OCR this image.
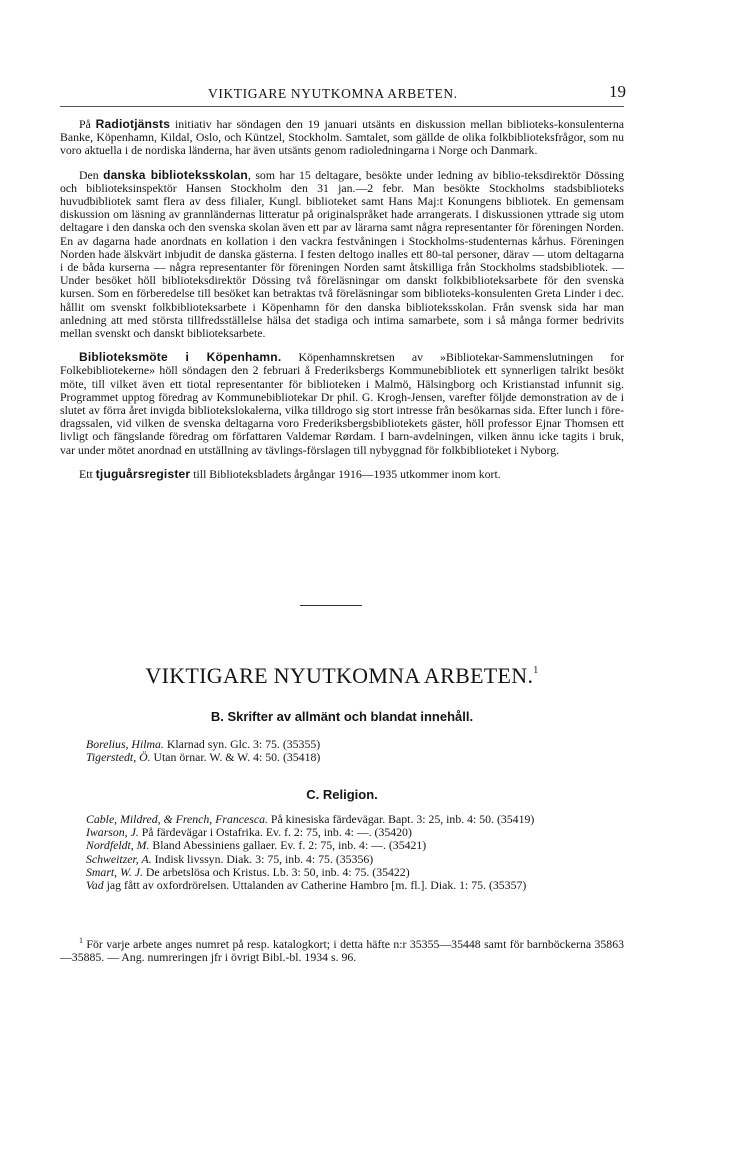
VIKTIGARE NYUTKOMNA ARBETEN.	19

På Radiotjänsts initiativ har söndagen den 19 januari utsänts en diskussion mellan biblioteks-konsulenterna Banke, Köpenhamn, Kildal, Oslo, och Küntzel, Stockholm. Samtalet, som gällde de olika folkbiblioteksfrågor, som nu voro aktuella i de nordiska länderna, har även utsänts genom radioledningarna i Norge och Danmark.

Den danska biblioteksskolan, som har 15 deltagare, besökte under ledning av biblio-teksdirektör Dössing och biblioteksinspektör Hansen Stockholm den 31 jan.—2 febr. Man besökte Stockholms stadsbiblioteks huvudbibliotek samt flera av dess filialer, Kungl. biblioteket samt Hans Maj:t Konungens bibliotek. En gemensam diskussion om läsning av grannländernas litteratur på originalspråket hade arrangerats. I diskussionen yttrade sig utom deltagare i den danska och den svenska skolan även ett par av lärarna samt några representanter för föreningen Norden. En av dagarna hade anordnats en kollation i den vackra festvåningen i Stockholms-studenternas kårhus. Föreningen Norden hade älskvärt inbjudit de danska gästerna. I festen deltogo inalles ett 80-tal personer, därav — utom deltagarna i de båda kurserna — några representanter för föreningen Norden samt åtskilliga från Stockholms stadsbibliotek. — Under besöket höll biblioteksdirektör Dössing två föreläsningar om danskt folkbiblioteksarbete för den svenska kursen. Som en förberedelse till besöket kan betraktas två föreläsningar som biblioteks-konsulenten Greta Linder i dec. hållit om svenskt folkbiblioteksarbete i Köpenhamn för den danska biblioteksskolan. Från svensk sida har man anledning att med största tillfredsställelse hälsa det stadiga och intima samarbete, som i så många former bedrivits mellan svenskt och danskt biblioteksarbete.

Biblioteksmöte i Köpenhamn. Köpenhamnskretsen av »Bibliotekar-Sammenslutningen for Folkebibliotekerne» höll söndagen den 2 februari å Frederiksbergs Kommunebibliotek ett synnerligen talrikt besökt möte, till vilket även ett tiotal representanter för biblioteken i Malmö, Hälsingborg och Kristianstad infunnit sig. Programmet upptog föredrag av Kommunebibliotekar Dr phil. G. Krogh-Jensen, varefter följde demonstration av de i slutet av förra året invigda bibliotekslokalerna, vilka tilldrogo sig stort intresse från besökarnas sida. Efter lunch i före-dragssalen, vid vilken de svenska deltagarna voro Frederiksbergsbibliotekets gäster, höll professor Ejnar Thomsen ett livligt och fängslande föredrag om författaren Valdemar Rørdam. I barn-avdelningen, vilken ännu icke tagits i bruk, var under mötet anordnad en utställning av tävlings-förslagen till nybyggnad för folkbiblioteket i Nyborg.

Ett tjuguårsregister till Biblioteksbladets årgångar 1916—1935 utkommer inom kort.

VIKTIGARE NYUTKOMNA ARBETEN.$^1$
B. Skrifter av allmänt och blandat innehåll.
Borelius, Hilma. Klarnad syn. Glc. 3: 75. (35355)
Tigerstedt, Ö. Utan örnar. W. & W. 4: 50. (35418)
C. Religion.
Cable, Mildred, & French, Francesca. På kinesiska färdevägar. Bapt. 3: 25, inb. 4: 50. (35419)
Iwarson, J. På färdevägar i Ostafrika. Ev. f. 2: 75, inb. 4: —. (35420)
Nordfeldt, M. Bland Abessiniens gallaer. Ev. f. 2: 75, inb. 4: —. (35421)
Schweitzer, A. Indisk livssyn. Diak. 3: 75, inb. 4: 75. (35356)
Smart, W. J. De arbetslösa och Kristus. Lb. 3: 50, inb. 4: 75. (35422)
Vad jag fått av oxfordrörelsen. Uttalanden av Catherine Hambro [m. fl.]. Diak. 1: 75. (35357)
$^1$ För varje arbete anges numret på resp. katalogkort; i detta häfte n:r 35355—35448 samt för barnböckerna 35863—35885. — Ang. numreringen jfr i övrigt Bibl.-bl. 1934 s. 96.
